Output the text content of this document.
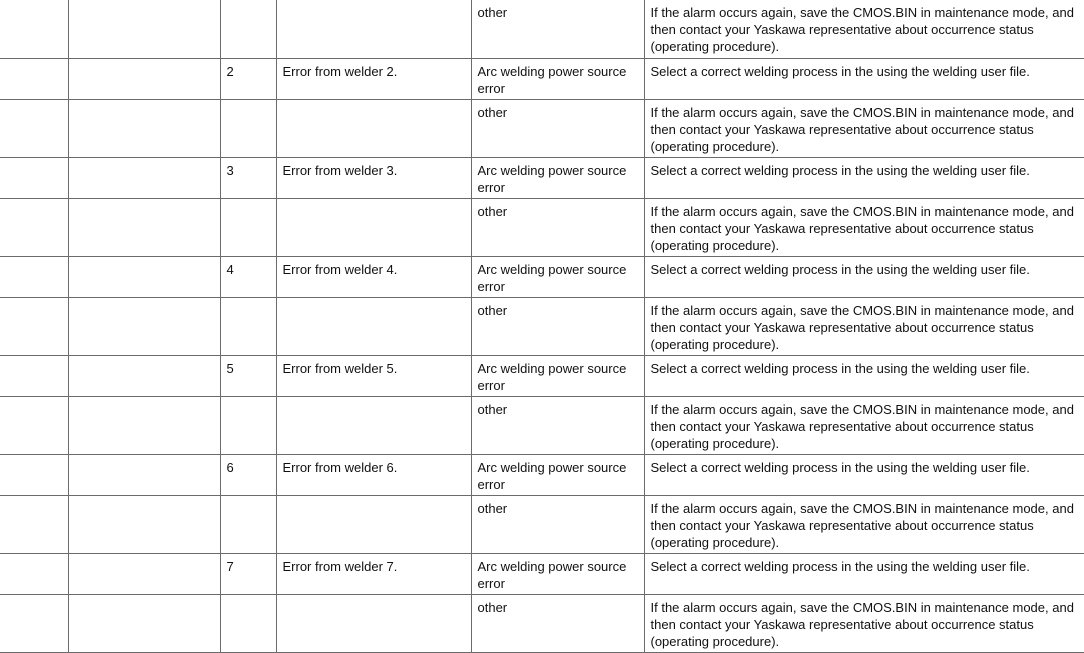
				other	If the alarm occurs again, save the CMOS.BIN in maintenance mode, and then contact your Yaskawa representative about occurrence status (operating procedure).
		2	Error from welder 2.	Arc welding power source error	Select a correct welding process in the using the welding user file.
				other	If the alarm occurs again, save the CMOS.BIN in maintenance mode, and then contact your Yaskawa representative about occurrence status (operating procedure).
		3	Error from welder 3.	Arc welding power source error	Select a correct welding process in the using the welding user file.
				other	If the alarm occurs again, save the CMOS.BIN in maintenance mode, and then contact your Yaskawa representative about occurrence status (operating procedure).
		4	Error from welder 4.	Arc welding power source error	Select a correct welding process in the using the welding user file.
				other	If the alarm occurs again, save the CMOS.BIN in maintenance mode, and then contact your Yaskawa representative about occurrence status (operating procedure).
		5	Error from welder 5.	Arc welding power source error	Select a correct welding process in the using the welding user file.
				other	If the alarm occurs again, save the CMOS.BIN in maintenance mode, and then contact your Yaskawa representative about occurrence status (operating procedure).
		6	Error from welder 6.	Arc welding power source error	Select a correct welding process in the using the welding user file.
				other	If the alarm occurs again, save the CMOS.BIN in maintenance mode, and then contact your Yaskawa representative about occurrence status (operating procedure).
		7	Error from welder 7.	Arc welding power source error	Select a correct welding process in the using the welding user file.
				other	If the alarm occurs again, save the CMOS.BIN in maintenance mode, and then contact your Yaskawa representative about occurrence status (operating procedure).
